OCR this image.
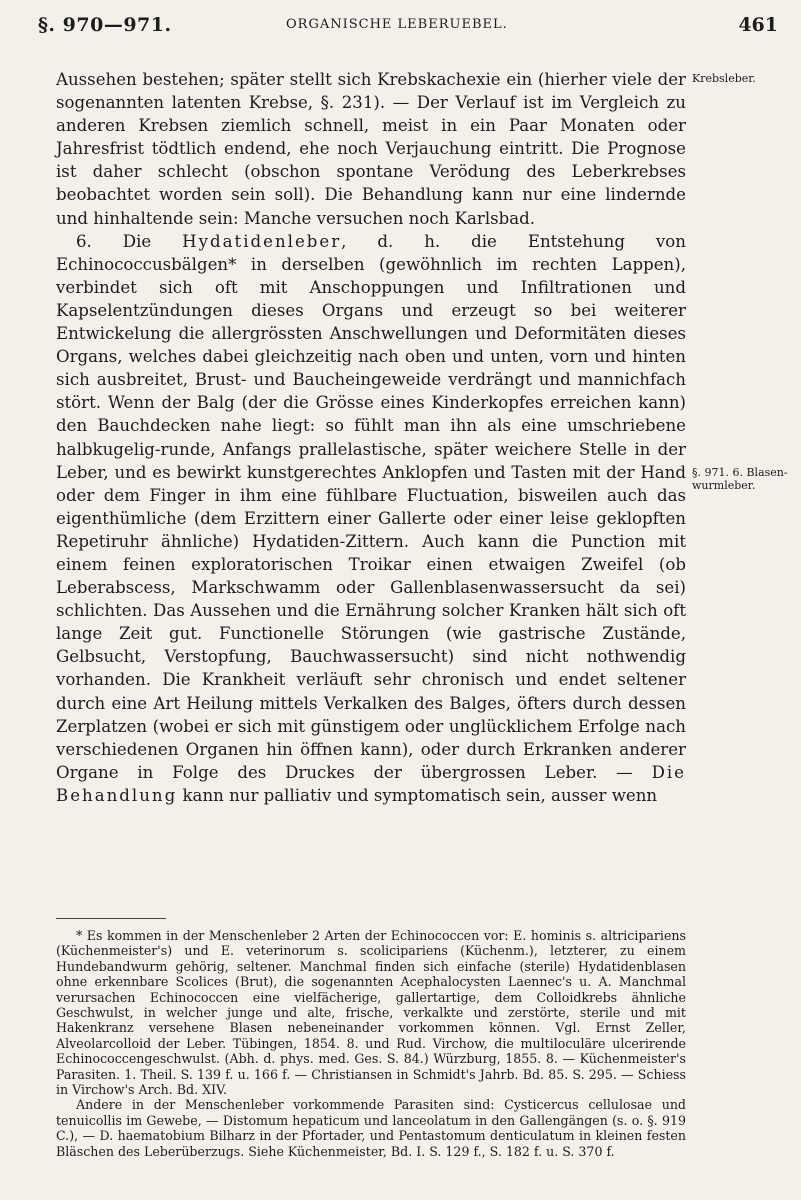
§. 970—971.	ORGANISCHE LEBERUEBEL.	461
Krebsleber.
§. 971. 6. Blasen-wurmleber.

Aussehen bestehen; später stellt sich Krebskachexie ein (hierher viele der sogenannten latenten Krebse, §. 231). — Der Verlauf ist im Vergleich zu anderen Krebsen ziemlich schnell, meist in ein Paar Monaten oder Jahresfrist tödtlich endend, ehe noch Verjauchung eintritt. Die Prognose ist daher schlecht (obschon spontane Verödung des Leberkrebses beobachtet worden sein soll). Die Behandlung kann nur eine lindernde und hinhaltende sein: Manche versuchen noch Karlsbad.

6. Die Hydatidenleber, d. h. die Entstehung von Echinococcusbälgen* in derselben (gewöhnlich im rechten Lappen), verbindet sich oft mit Anschoppungen und Infiltrationen und Kapselentzündungen dieses Organs und erzeugt so bei weiterer Entwickelung die allergrössten Anschwellungen und Deformitäten dieses Organs, welches dabei gleichzeitig nach oben und unten, vorn und hinten sich ausbreitet, Brust- und Baucheingeweide verdrängt und mannichfach stört. Wenn der Balg (der die Grösse eines Kinderkopfes erreichen kann) den Bauchdecken nahe liegt: so fühlt man ihn als eine umschriebene halbkugelig-runde, Anfangs prallelastische, später weichere Stelle in der Leber, und es bewirkt kunstgerechtes Anklopfen und Tasten mit der Hand oder dem Finger in ihm eine fühlbare Fluctuation, bisweilen auch das eigenthümliche (dem Erzittern einer Gallerte oder einer leise geklopften Repetiruhr ähnliche) Hydatiden-Zittern. Auch kann die Punction mit einem feinen exploratorischen Troikar einen etwaigen Zweifel (ob Leberabscess, Markschwamm oder Gallenblasenwassersucht da sei) schlichten. Das Aussehen und die Ernährung solcher Kranken hält sich oft lange Zeit gut. Functionelle Störungen (wie gastrische Zustände, Gelbsucht, Verstopfung, Bauchwassersucht) sind nicht nothwendig vorhanden. Die Krankheit verläuft sehr chronisch und endet seltener durch eine Art Heilung mittels Verkalken des Balges, öfters durch dessen Zerplatzen (wobei er sich mit günstigem oder unglücklichem Erfolge nach verschiedenen Organen hin öffnen kann), oder durch Erkranken anderer Organe in Folge des Druckes der übergrossen Leber. — Die Behandlung kann nur palliativ und symptomatisch sein, ausser wenn

* Es kommen in der Menschenleber 2 Arten der Echinococcen vor: E. hominis s. altricipariens (Küchenmeister's) und E. veterinorum s. scolicipariens (Küchenm.), letzterer, zu einem Hundebandwurm gehörig, seltener. Manchmal finden sich einfache (sterile) Hydatidenblasen ohne erkennbare Scolices (Brut), die sogenannten Acephalocysten Laennec's u. A. Manchmal verursachen Echinococcen eine vielfächerige, gallertartige, dem Colloidkrebs ähnliche Geschwulst, in welcher junge und alte, frische, verkalkte und zerstörte, sterile und mit Hakenkranz versehene Blasen nebeneinander vorkommen können. Vgl. Ernst Zeller, Alveolarcolloid der Leber. Tübingen, 1854. 8. und Rud. Virchow, die multiloculäre ulcerirende Echinococcengeschwulst. (Abh. d. phys. med. Ges. S. 84.) Würzburg, 1855. 8. — Küchenmeister's Parasiten. 1. Theil. S. 139 f. u. 166 f. — Christiansen in Schmidt's Jahrb. Bd. 85. S. 295. — Schiess in Virchow's Arch. Bd. XIV.

Andere in der Menschenleber vorkommende Parasiten sind: Cysticercus cellulosae und tenuicollis im Gewebe, — Distomum hepaticum und lanceolatum in den Gallengängen (s. o. §. 919 C.), — D. haematobium Bilharz in der Pfortader, und Pentastomum denticulatum in kleinen festen Bläschen des Leberüberzugs. Siehe Küchenmeister, Bd. I. S. 129 f., S. 182 f. u. S. 370 f.
